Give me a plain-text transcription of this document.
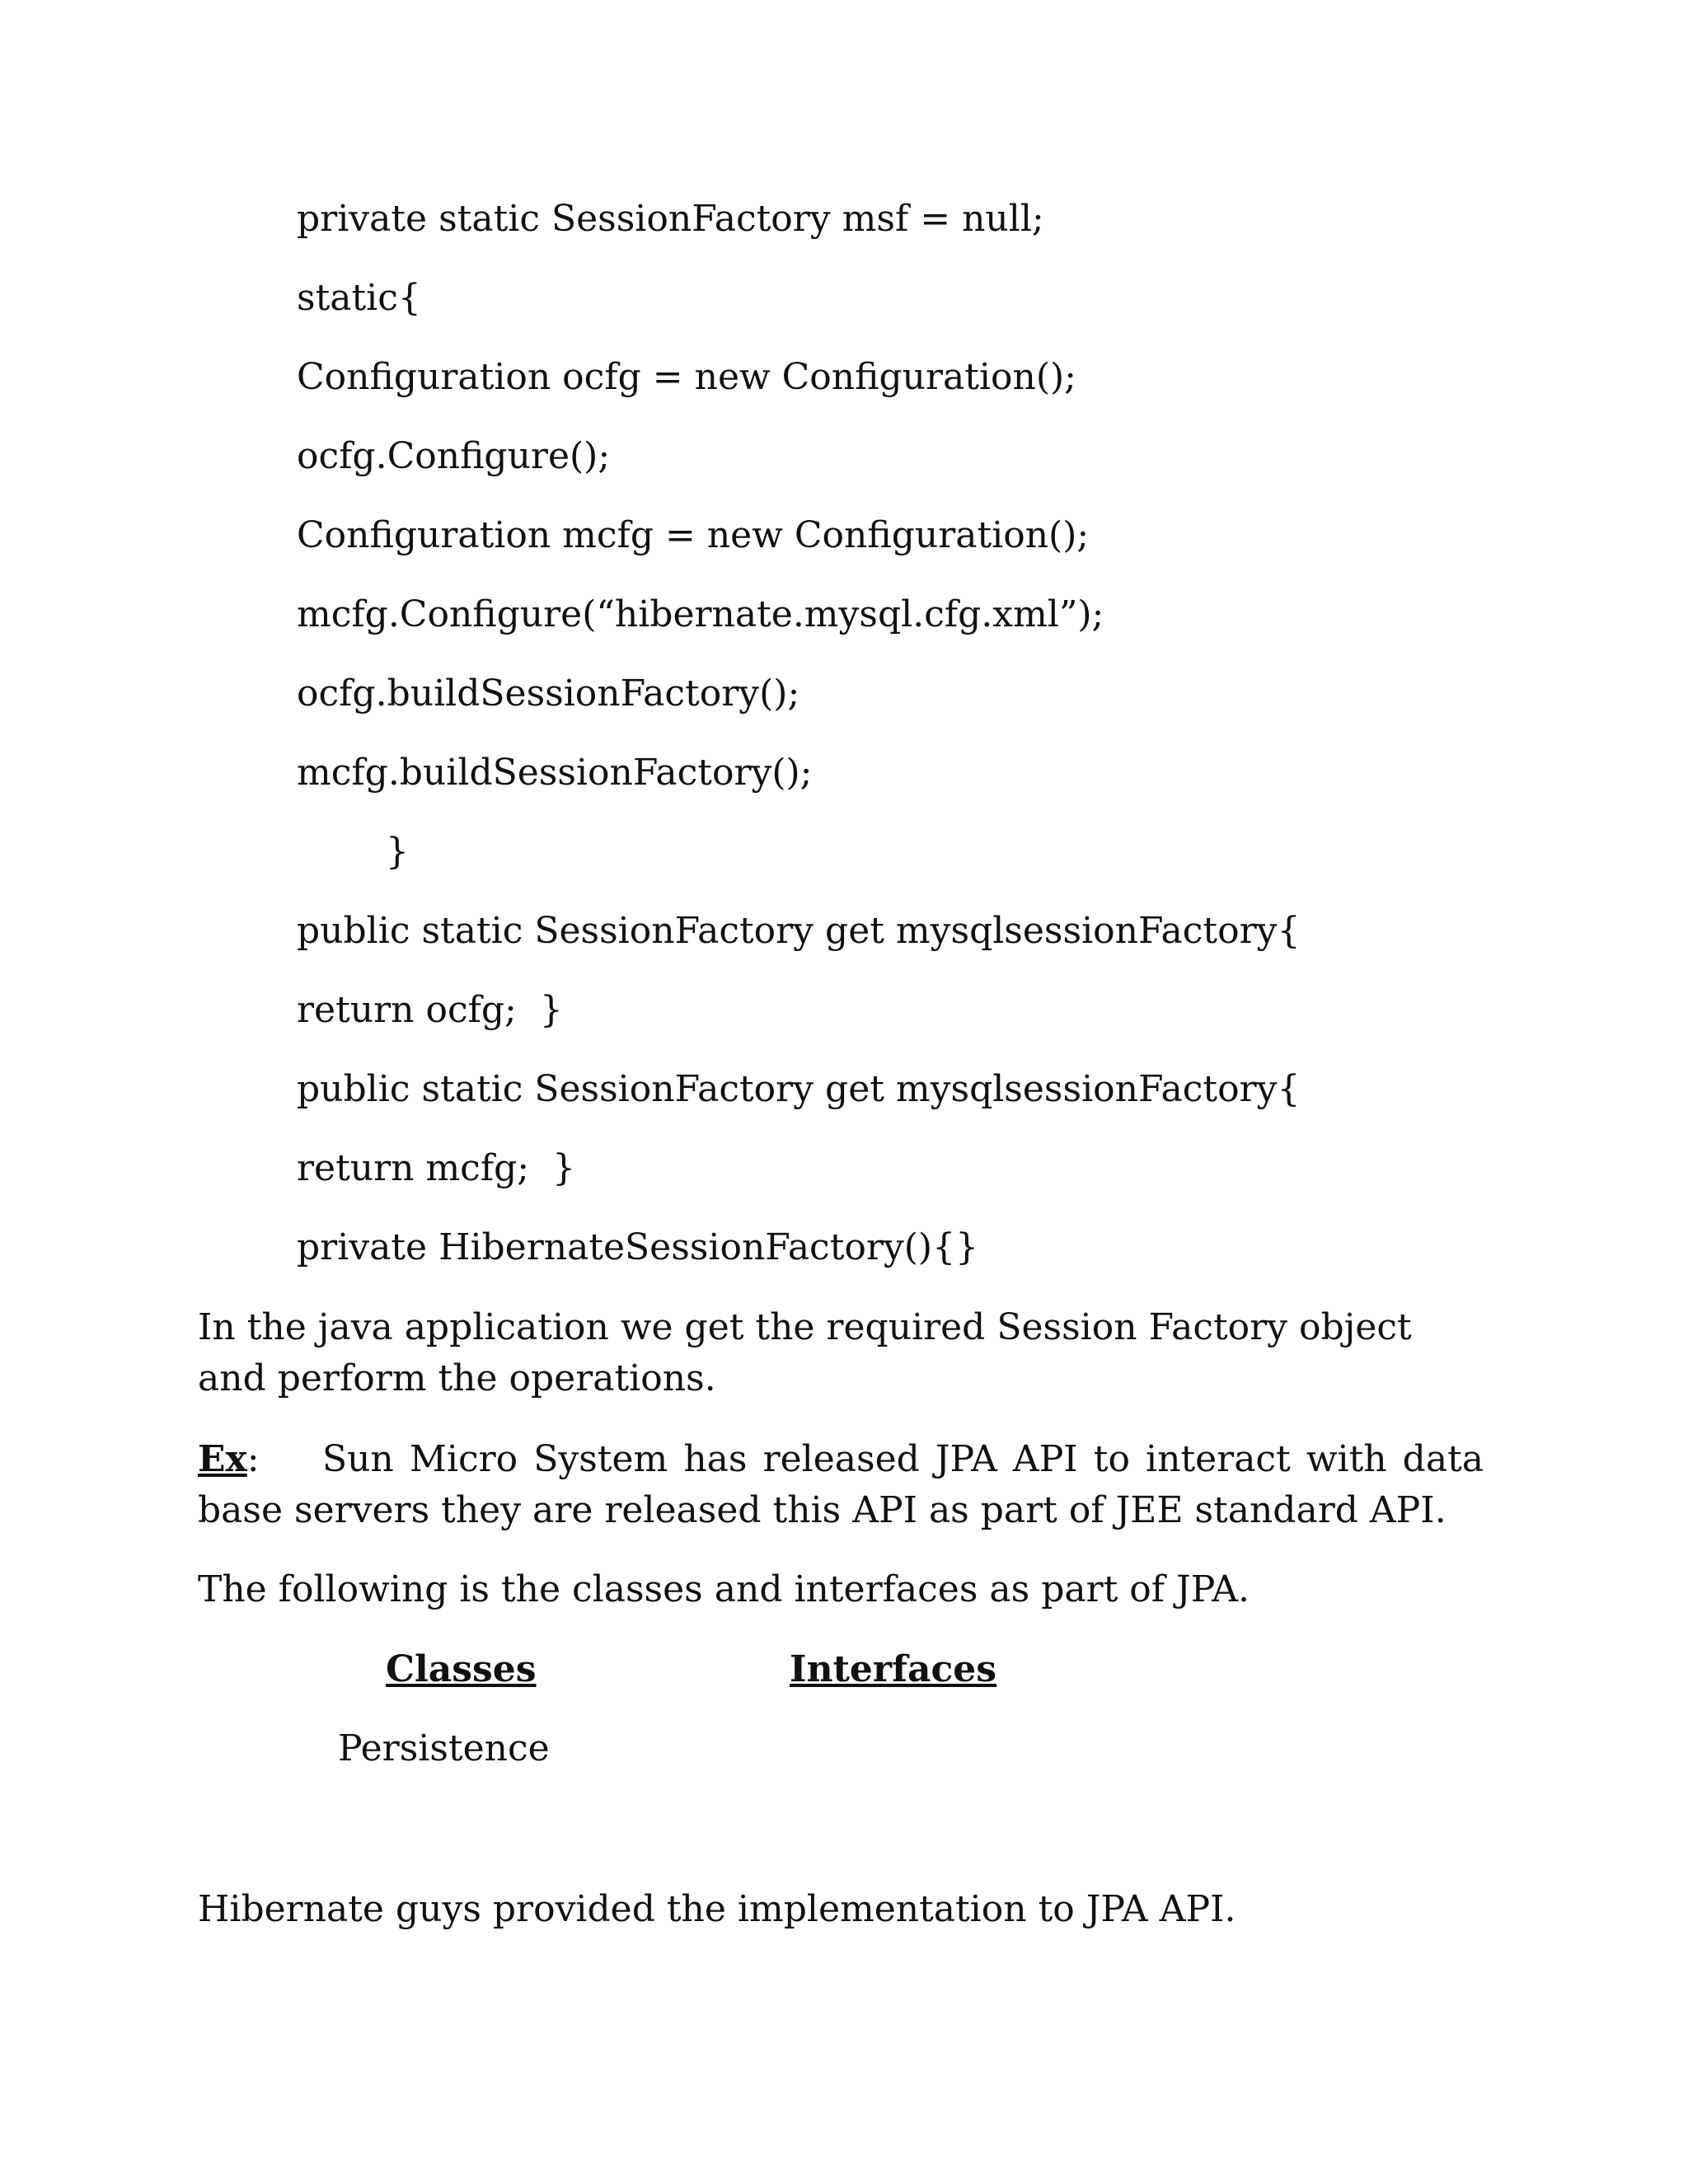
private static SessionFactory msf = null;
static{
Configuration ocfg = new Configuration();
ocfg.Configure();
Configuration mcfg = new Configuration();
mcfg.Configure(“hibernate.mysql.cfg.xml”);
ocfg.buildSessionFactory();
mcfg.buildSessionFactory();
}
public static SessionFactory get mysqlsessionFactory{
return ocfg;  }
public static SessionFactory get mysqlsessionFactory{
return mcfg;  }
private HibernateSessionFactory(){}
In the java application we get the required Session Factory object and perform the operations.
Ex: Sun Micro System has released JPA API to interact with data base servers they are released this API as part of JEE standard API.
The following is the classes and interfaces as part of JPA.
Classes	Interfaces
Persistence
Hibernate guys provided the implementation to JPA API.
